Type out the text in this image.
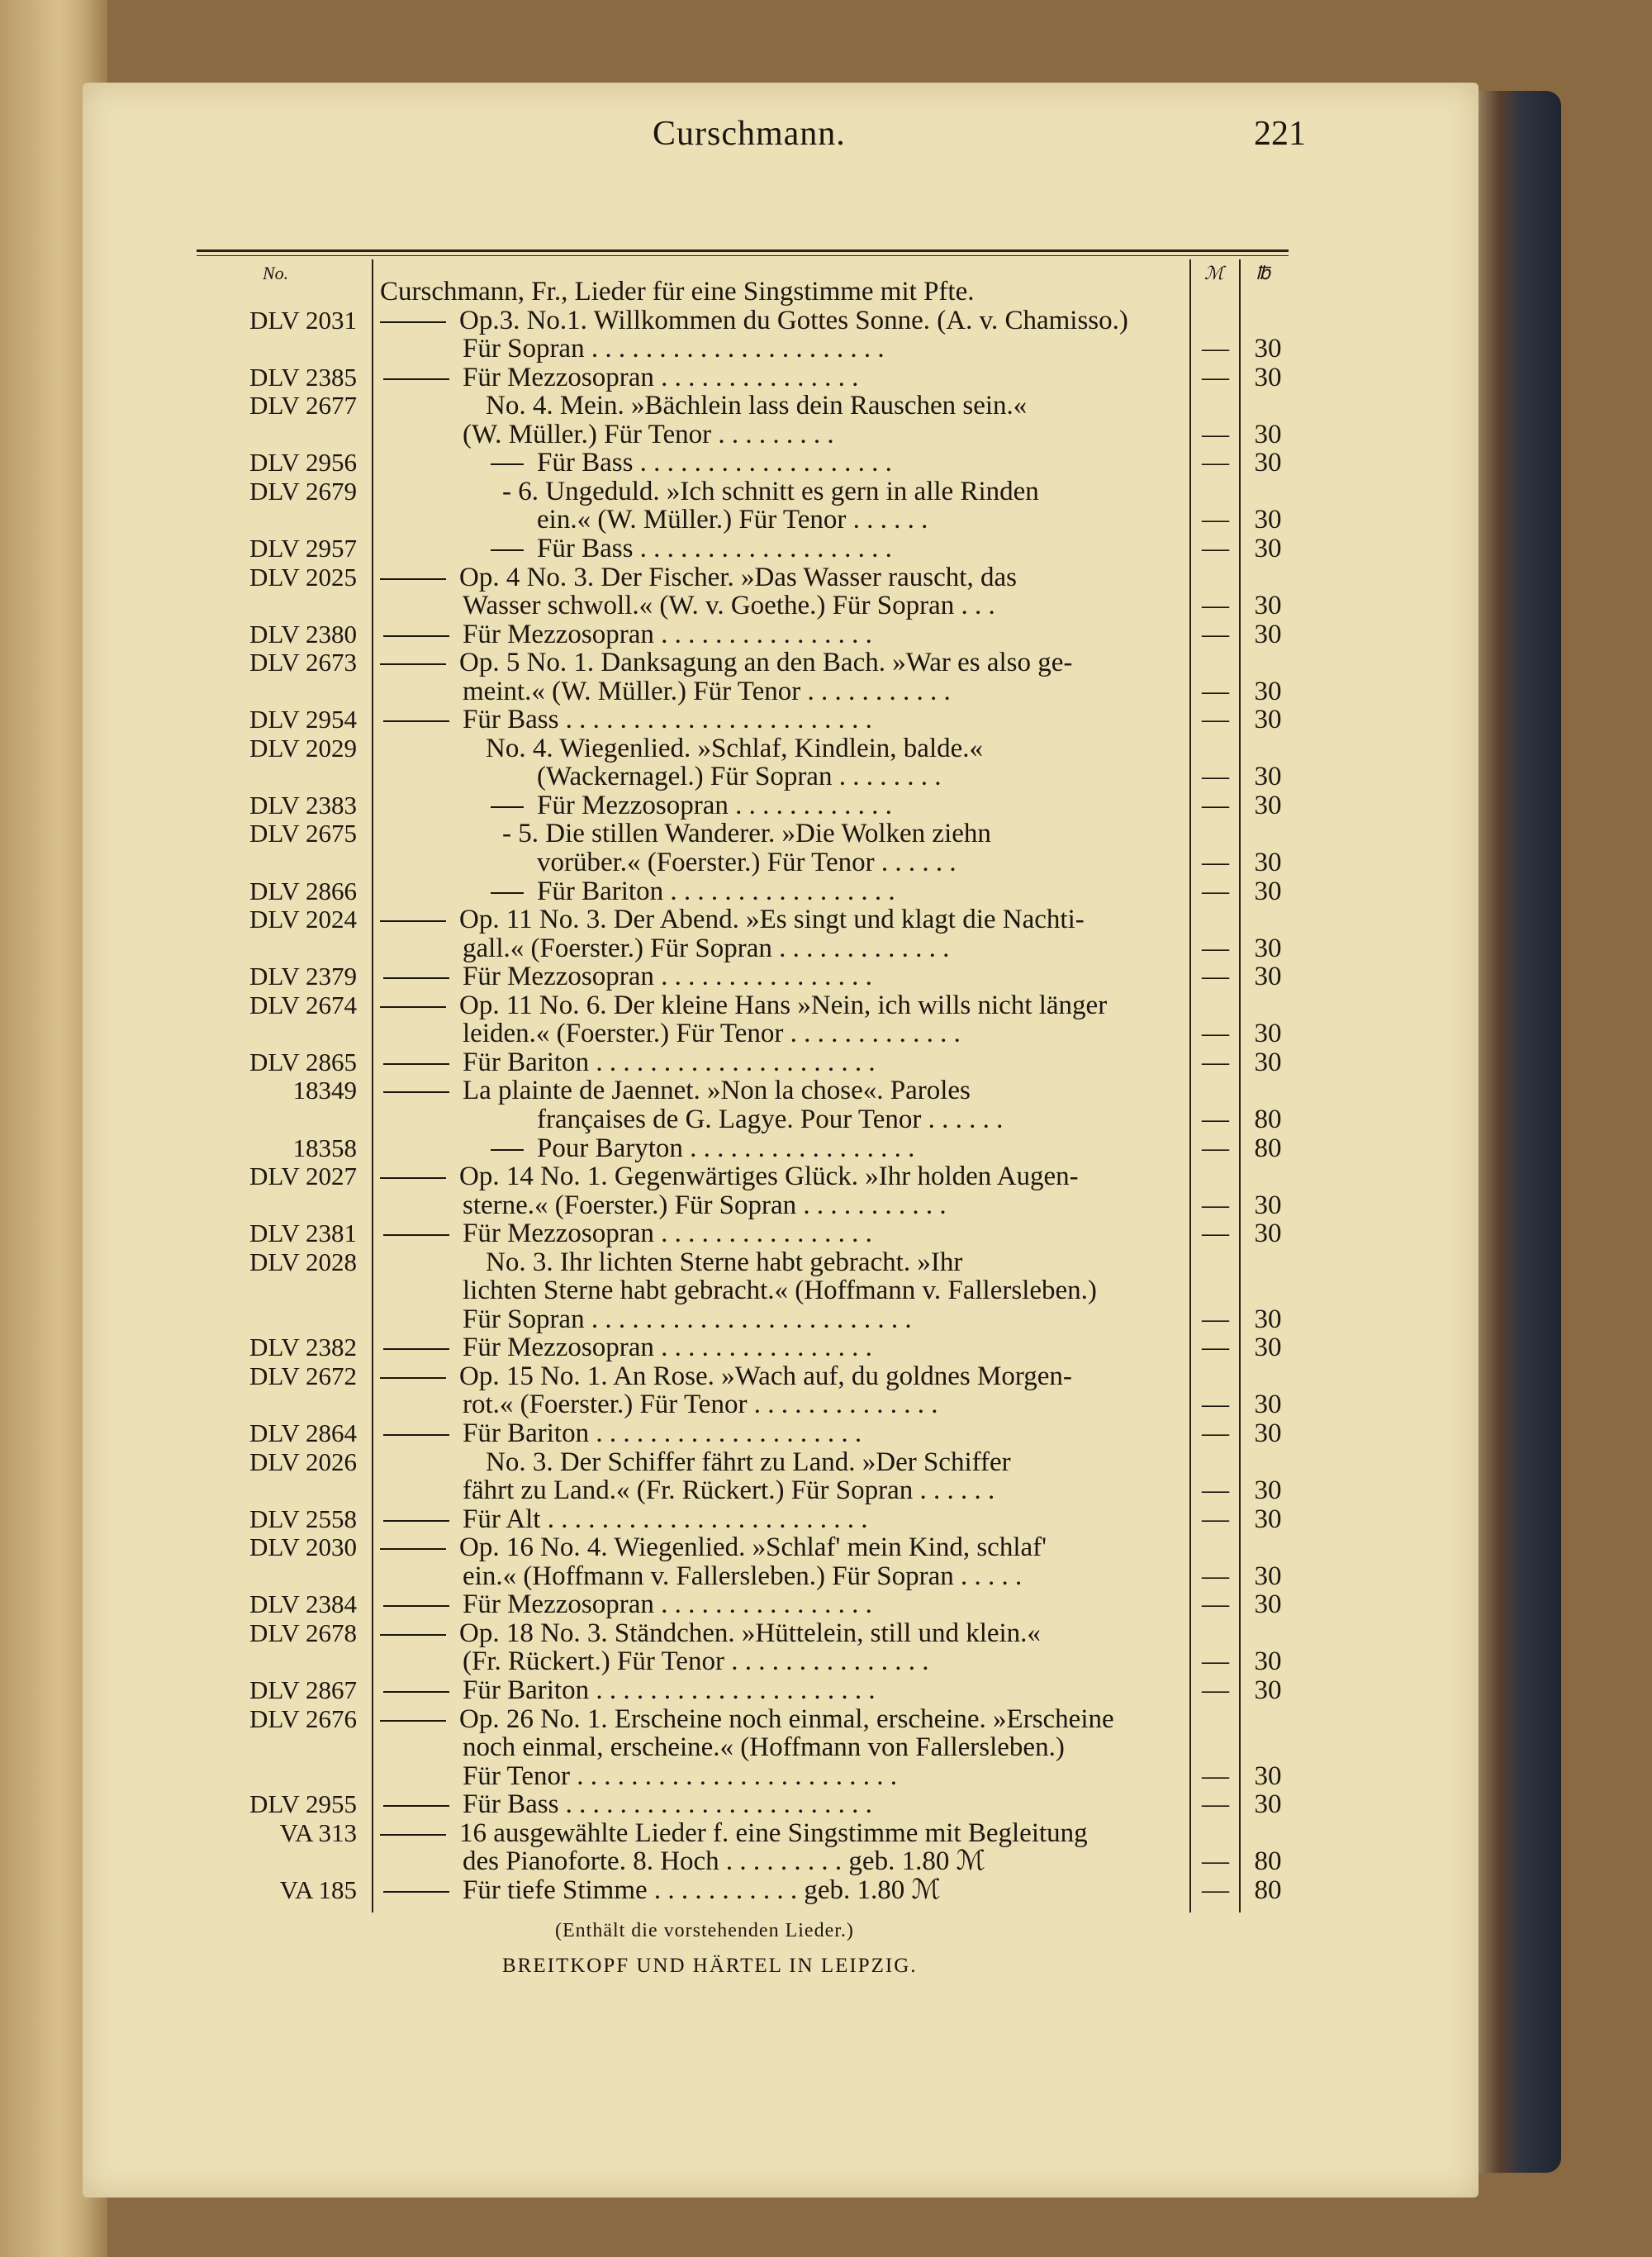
Curschmann.	221
No.	ℳ ℔
Curschmann, Fr., Lieder für eine Singstimme mit Pfte.
DLV 2031	Op.3. No.1. Willkommen du Gottes Sonne. (A. v. Chamisso.)
Für Sopran . . . . . . . . . . . . . . . . . . . . . .	— 30
DLV 2385	Für Mezzosopran . . . . . . . . . . . . . . .	— 30
DLV 2677	No. 4. Mein. »Bächlein lass dein Rauschen sein.«
(W. Müller.) Für Tenor . . . . . . . . .	— 30
DLV 2956	Für Bass . . . . . . . . . . . . . . . . . . .	— 30
DLV 2679	- 6. Ungeduld. »Ich schnitt es gern in alle Rinden
ein.« (W. Müller.) Für Tenor . . . . . .	— 30
DLV 2957	Für Bass . . . . . . . . . . . . . . . . . . .	— 30
DLV 2025	Op. 4 No. 3. Der Fischer. »Das Wasser rauscht, das
Wasser schwoll.« (W. v. Goethe.) Für Sopran . . .	— 30
DLV 2380	Für Mezzosopran . . . . . . . . . . . . . . . .	— 30
DLV 2673	Op. 5 No. 1. Danksagung an den Bach. »War es also ge-
meint.« (W. Müller.) Für Tenor . . . . . . . . . . .	— 30
DLV 2954	Für Bass . . . . . . . . . . . . . . . . . . . . . . .	— 30
DLV 2029	No. 4. Wiegenlied. »Schlaf, Kindlein, balde.«
(Wackernagel.) Für Sopran . . . . . . . .	— 30
DLV 2383	Für Mezzosopran . . . . . . . . . . . .	— 30
DLV 2675	- 5. Die stillen Wanderer. »Die Wolken ziehn
vorüber.« (Foerster.) Für Tenor . . . . . .	— 30
DLV 2866	Für Bariton . . . . . . . . . . . . . . . . .	— 30
DLV 2024	Op. 11 No. 3. Der Abend. »Es singt und klagt die Nachti-
gall.« (Foerster.) Für Sopran . . . . . . . . . . . . .	— 30
DLV 2379	Für Mezzosopran . . . . . . . . . . . . . . . .	— 30
DLV 2674	Op. 11 No. 6. Der kleine Hans »Nein, ich wills nicht länger
leiden.« (Foerster.) Für Tenor . . . . . . . . . . . . .	— 30
DLV 2865	Für Bariton . . . . . . . . . . . . . . . . . . . . .	— 30
18349	La plainte de Jaennet. »Non la chose«. Paroles
françaises de G. Lagye. Pour Tenor . . . . . .	— 80
18358	Pour Baryton . . . . . . . . . . . . . . . . .	— 80
DLV 2027	Op. 14 No. 1. Gegenwärtiges Glück. »Ihr holden Augen-
sterne.« (Foerster.) Für Sopran . . . . . . . . . . .	— 30
DLV 2381	Für Mezzosopran . . . . . . . . . . . . . . . .	— 30
DLV 2028	No. 3. Ihr lichten Sterne habt gebracht. »Ihr
lichten Sterne habt gebracht.« (Hoffmann v. Fallersleben.)
Für Sopran . . . . . . . . . . . . . . . . . . . . . . . .	— 30
DLV 2382	Für Mezzosopran . . . . . . . . . . . . . . . .	— 30
DLV 2672	Op. 15 No. 1. An Rose. »Wach auf, du goldnes Morgen-
rot.« (Foerster.) Für Tenor . . . . . . . . . . . . . .	— 30
DLV 2864	Für Bariton . . . . . . . . . . . . . . . . . . . .	— 30
DLV 2026	No. 3. Der Schiffer fährt zu Land. »Der Schiffer
fährt zu Land.« (Fr. Rückert.) Für Sopran . . . . . .	— 30
DLV 2558	Für Alt . . . . . . . . . . . . . . . . . . . . . . . .	— 30
DLV 2030	Op. 16 No. 4. Wiegenlied. »Schlaf' mein Kind, schlaf'
ein.« (Hoffmann v. Fallersleben.) Für Sopran . . . . .	— 30
DLV 2384	Für Mezzosopran . . . . . . . . . . . . . . . .	— 30
DLV 2678	Op. 18 No. 3. Ständchen. »Hüttelein, still und klein.«
(Fr. Rückert.) Für Tenor . . . . . . . . . . . . . . .	— 30
DLV 2867	Für Bariton . . . . . . . . . . . . . . . . . . . . .	— 30
DLV 2676	Op. 26 No. 1. Erscheine noch einmal, erscheine. »Erscheine
noch einmal, erscheine.« (Hoffmann von Fallersleben.)
Für Tenor . . . . . . . . . . . . . . . . . . . . . . . .	— 30
DLV 2955	Für Bass . . . . . . . . . . . . . . . . . . . . . . .	— 30
VA 313	16 ausgewählte Lieder f. eine Singstimme mit Begleitung
des Pianoforte. 8. Hoch . . . . . . . . . geb. 1.80 ℳ	— 80
VA 185	Für tiefe Stimme . . . . . . . . . . . geb. 1.80 ℳ	— 80
(Enthält die vorstehenden Lieder.)
BREITKOPF UND HÄRTEL IN LEIPZIG.
